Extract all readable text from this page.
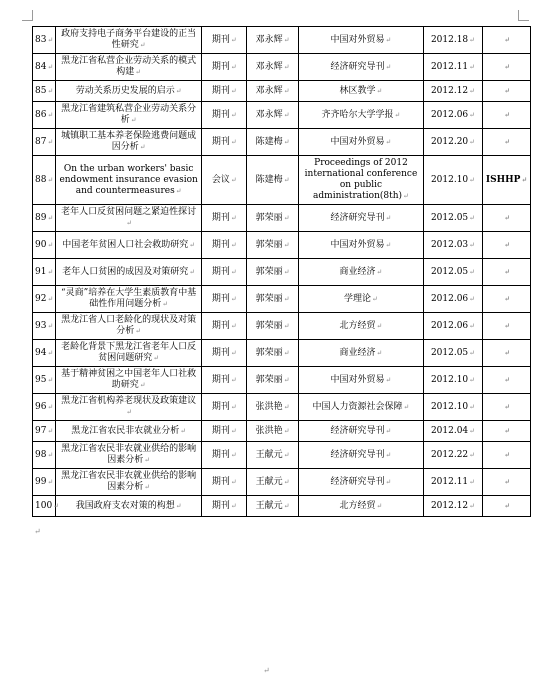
83↵	政府支持电子商务平台建设的正当性研究↵	期刊↵	邓永辉↵	中国对外贸易↵	2012.18↵	↵
84↵	黑龙江省私营企业劳动关系的模式构建↵	期刊↵	邓永辉↵	经济研究导刊↵	2012.11↵	↵
85↵	劳动关系历史发展的启示↵	期刊↵	邓永辉↵	林区教学↵	2012.12↵	↵
86↵	黑龙江省建筑私营企业劳动关系分析↵	期刊↵	邓永辉↵	齐齐哈尔大学学报↵	2012.06↵	↵
87↵	城镇职工基本养老保险逃费问题成因分析↵	期刊↵	陈建梅↵	中国对外贸易↵	2012.20↵	↵
88↵	On the urban workers' basic endowment insurance evasion and countermeasures↵	会议↵	陈建梅↵	Proceedings of 2012 international conference on public administration(8th)↵	2012.10↵	ISHHP↵
89↵	老年人口反贫困问题之紧迫性探讨↵	期刊↵	郭荣丽↵	经济研究导刊↵	2012.05↵	↵
90↵	中国老年贫困人口社会救助研究↵	期刊↵	郭荣丽↵	中国对外贸易↵	2012.03↵	↵
91↵	老年人口贫困的成因及对策研究↵	期刊↵	郭荣丽↵	商业经济↵	2012.05↵	↵
92↵	“灵商”培养在大学生素质教育中基础性作用问题分析↵	期刊↵	郭荣丽↵	学理论↵	2012.06↵	↵
93↵	黑龙江省人口老龄化的现状及对策分析↵	期刊↵	郭荣丽↵	北方经贸↵	2012.06↵	↵
94↵	老龄化背景下黑龙江省老年人口反贫困问题研究↵	期刊↵	郭荣丽↵	商业经济↵	2012.05↵	↵
95↵	基于精神贫困之中国老年人口社救助研究↵	期刊↵	郭荣丽↵	中国对外贸易↵	2012.10↵	↵
96↵	黑龙江省机构养老现状及政策建议↵	期刊↵	张洪艳↵	中国人力资源社会保障↵	2012.10↵	↵
97↵	黑龙江省农民非农就业分析↵	期刊↵	张洪艳↵	经济研究导刊↵	2012.04↵	↵
98↵	黑龙江省农民非农就业供给的影响因素分析↵	期刊↵	王献元↵	经济研究导刊↵	2012.22↵	↵
99↵	黑龙江省农民非农就业供给的影响因素分析↵	期刊↵	王献元↵	经济研究导刊↵	2012.11↵	↵
100↵	我国政府支农对策的构想↵	期刊↵	王献元↵	北方经贸↵	2012.12↵	↵
↵
↵
